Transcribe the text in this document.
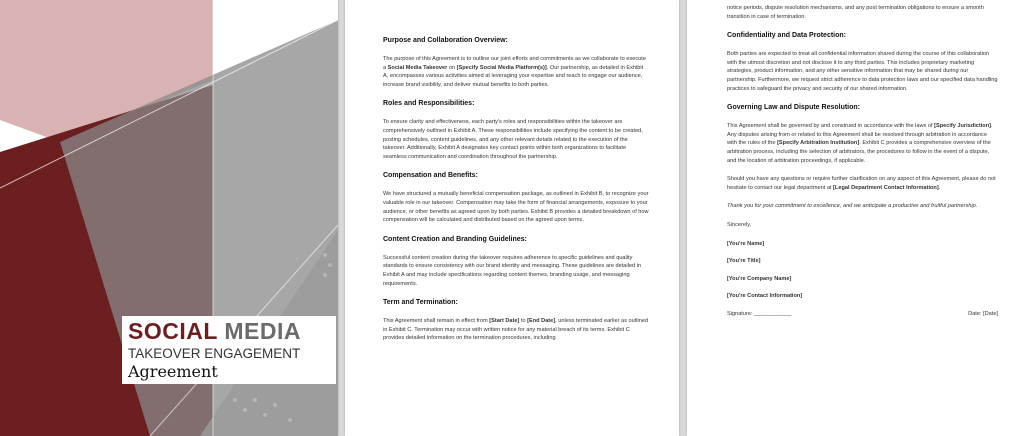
SOCIAL MEDIA
TAKEOVER ENGAGEMENT
Agreement
Purpose and Collaboration Overview:

The purpose of this Agreement is to outline our joint efforts and commitments as we collaborate to execute a Social Media Takeover on [Specify Social Media Platform(s)]. Our partnership, as detailed in Exhibit A, encompasses various activities aimed at leveraging your expertise and reach to engage our audience, increase brand visibility, and deliver mutual benefits to both parties.

Roles and Responsibilities:

To ensure clarity and effectiveness, each party's roles and responsibilities within the takeover are comprehensively outlined in Exhibit A. These responsibilities include specifying the content to be created, posting schedules, content guidelines, and any other relevant details related to the execution of the takeover. Additionally, Exhibit A designates key contact points within both organizations to facilitate seamless communication and coordination throughout the partnership.

Compensation and Benefits:

We have structured a mutually beneficial compensation package, as outlined in Exhibit B, to recognize your valuable role in our takeover. Compensation may take the form of financial arrangements, exposure to your audience, or other benefits as agreed upon by both parties. Exhibit B provides a detailed breakdown of how compensation will be calculated and distributed based on the agreed upon terms.

Content Creation and Branding Guidelines:

Successful content creation during the takeover requires adherence to specific guidelines and quality standards to ensure consistency with our brand identity and messaging. These guidelines are detailed in Exhibit A and may include specifications regarding content themes, branding usage, and messaging requirements.

Term and Termination:

This Agreement shall remain in effect from [Start Date] to [End Date], unless terminated earlier as outlined in Exhibit C. Termination may occur with written notice for any material breach of its terms. Exhibit C provides detailed information on the termination procedures, including

notice periods, dispute resolution mechanisms, and any post termination obligations to ensure a smooth transition in case of termination.

Confidentiality and Data Protection:

Both parties are expected to treat all confidential information shared during the course of this collaboration with the utmost discretion and not disclose it to any third parties. This includes proprietary marketing strategies, product information, and any other sensitive information that may be shared during our partnership. Furthermore, we request strict adherence to data protection laws and our specified data handling practices to safeguard the privacy and security of our shared information.

Governing Law and Dispute Resolution:

This Agreement shall be governed by and construed in accordance with the laws of [Specify Jurisdiction]. Any disputes arising from or related to this Agreement shall be resolved through arbitration in accordance with the rules of the [Specify Arbitration Institution]. Exhibit C provides a comprehensive overview of the arbitration process, including the selection of arbitrators, the procedures to follow in the event of a dispute, and the location of arbitration proceedings, if applicable.

Should you have any questions or require further clarification on any aspect of this Agreement, please do not hesitate to contact our legal department at [Legal Department Contact Information].

Thank you for your commitment to excellence, and we anticipate a productive and fruitful partnership.

Sincerely,

[You're Name]

[You're Title]

[You're Company Name]

[You're Contact Information]

Signature: ____________	Date: [Date]
